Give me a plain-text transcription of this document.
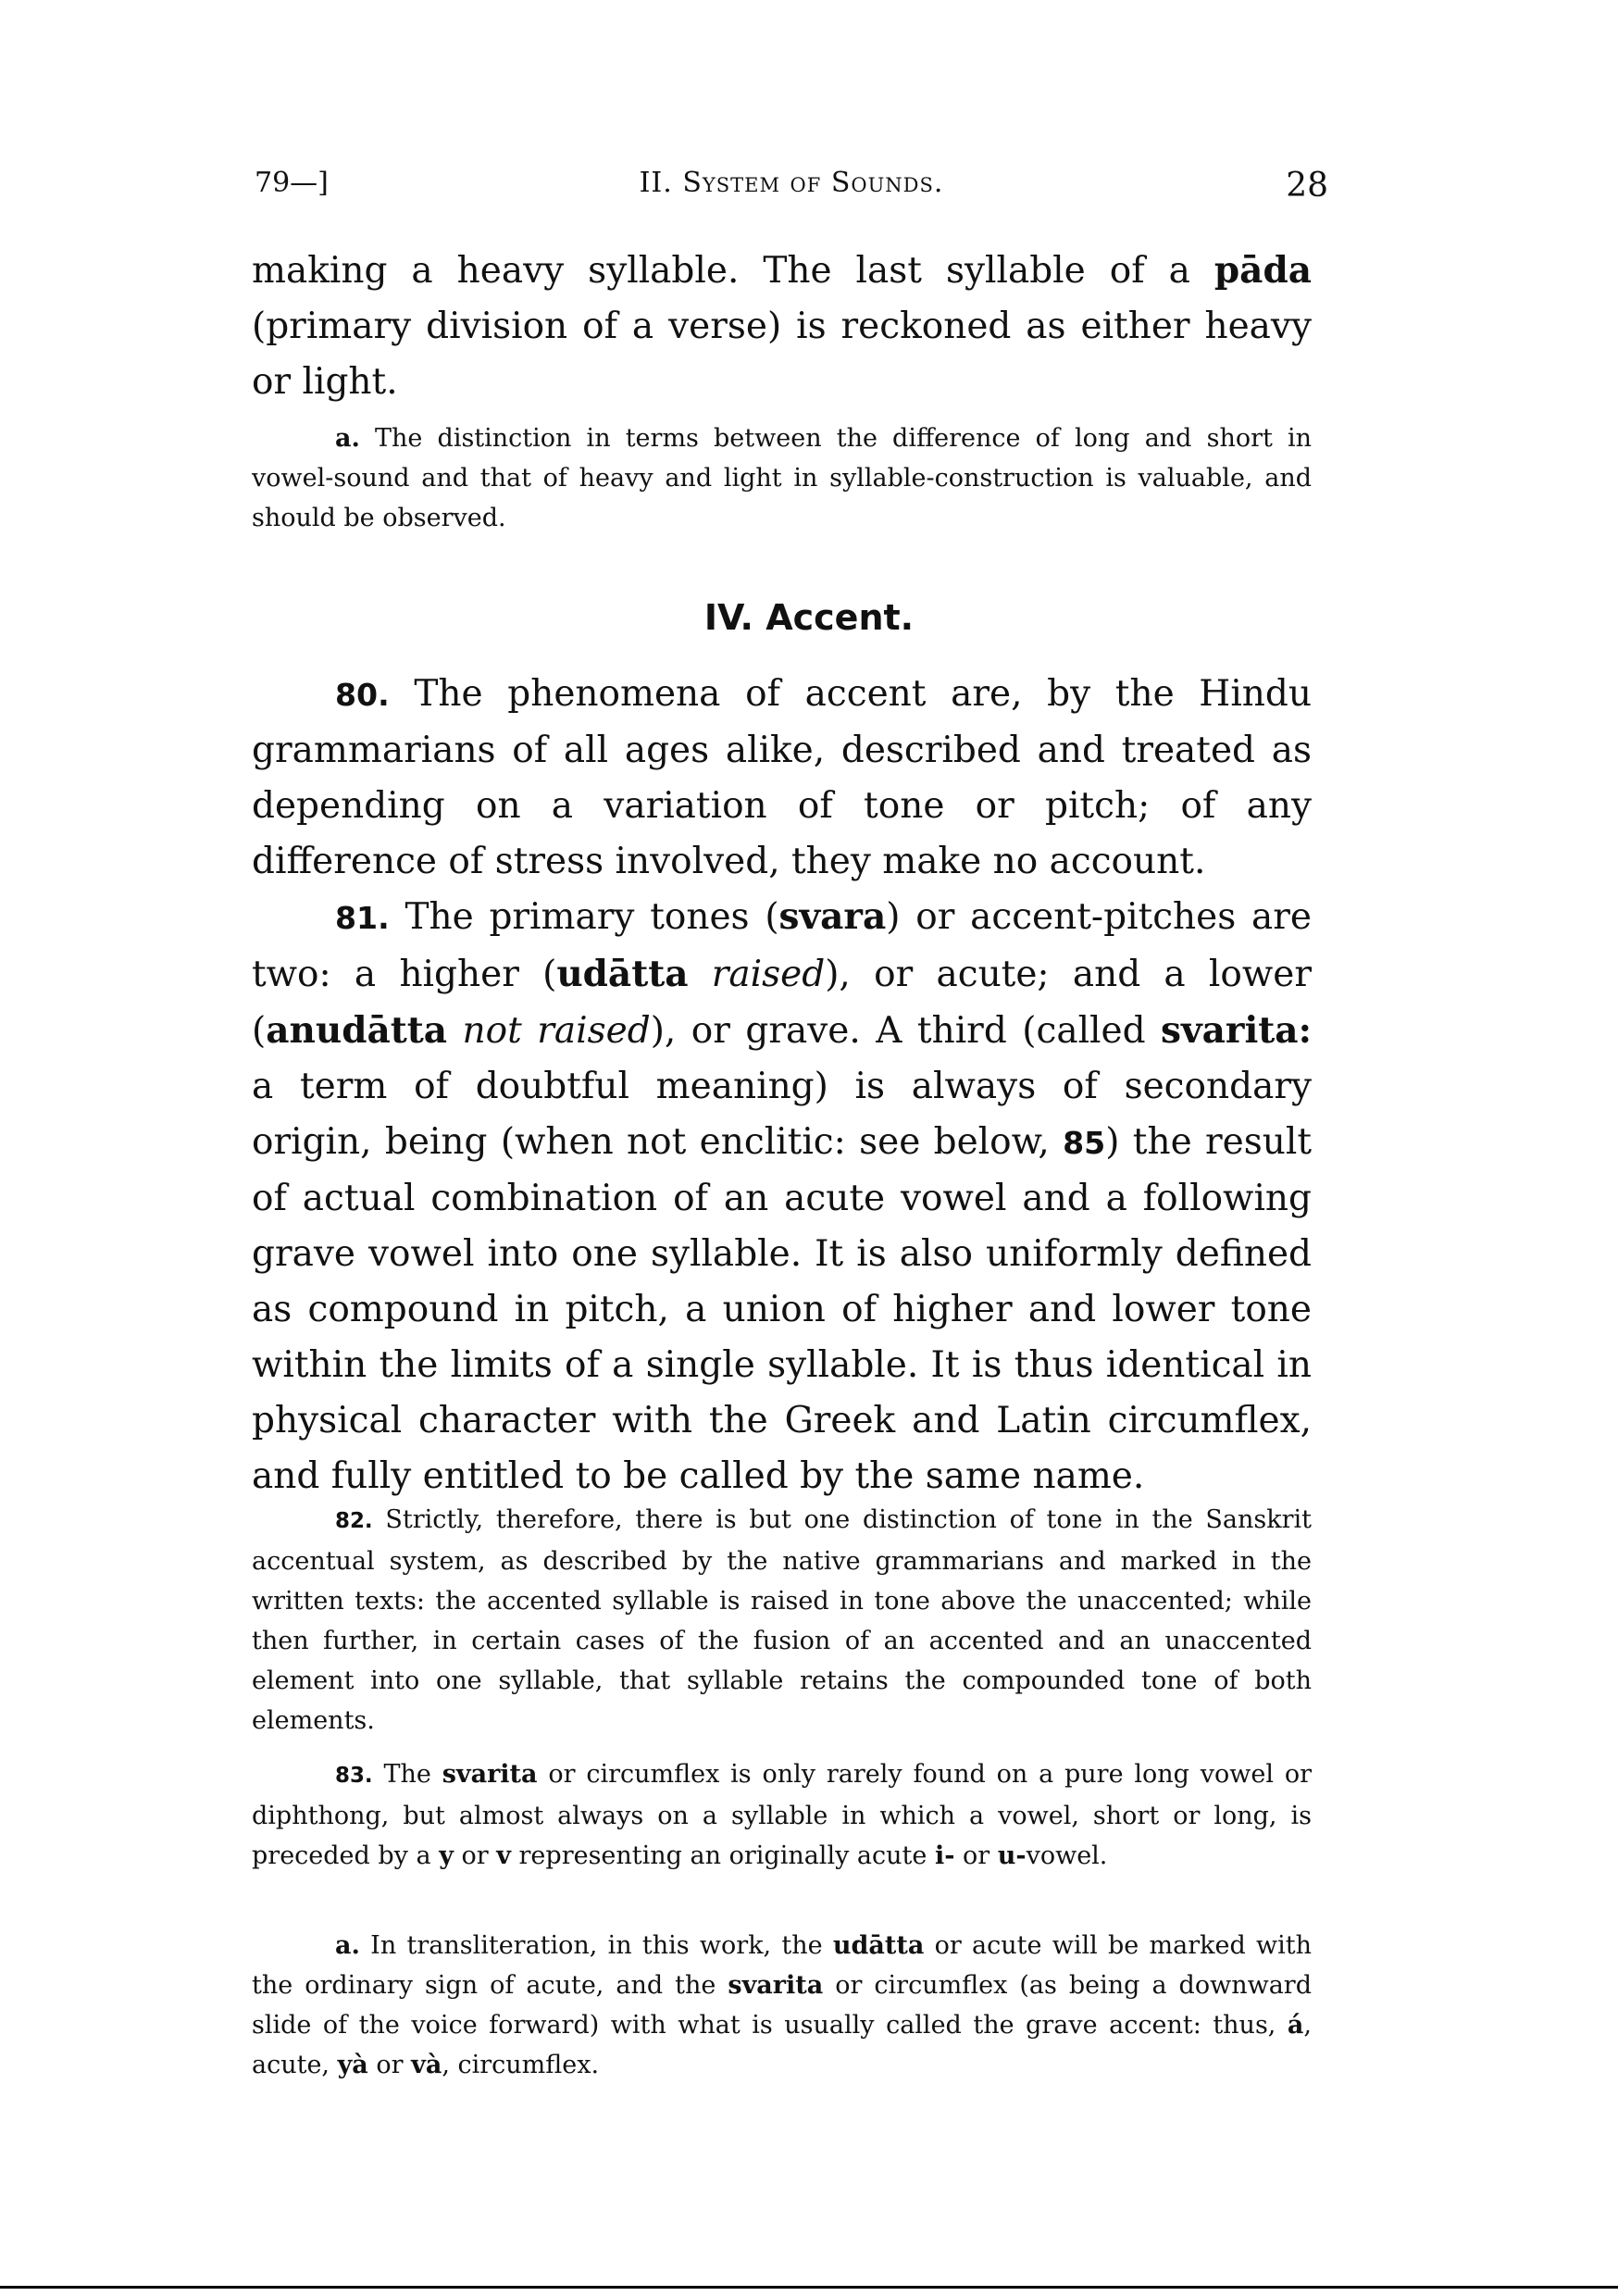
79—]	II. System of Sounds.	28

making a heavy syllable. The last syllable of a pāda (primary division of a verse) is reckoned as either heavy or light.

a. The distinction in terms between the difference of long and short in vowel-sound and that of heavy and light in syllable-construction is valuable, and should be observed.

IV. Accent.

80. The phenomena of accent are, by the Hindu grammarians of all ages alike, described and treated as depending on a variation of tone or pitch; of any difference of stress involved, they make no account.

81. The primary tones (svara) or accent-pitches are two: a higher (udātta raised), or acute; and a lower (anudātta not raised), or grave. A third (called svarita: a term of doubtful meaning) is always of secondary origin, being (when not enclitic: see below, 85) the result of actual combination of an acute vowel and a following grave vowel into one syllable. It is also uniformly defined as compound in pitch, a union of higher and lower tone within the limits of a single syllable. It is thus identical in physical character with the Greek and Latin circumflex, and fully entitled to be called by the same name.

82. Strictly, therefore, there is but one distinction of tone in the Sanskrit accentual system, as described by the native grammarians and marked in the written texts: the accented syllable is raised in tone above the unaccented; while then further, in certain cases of the fusion of an accented and an unaccented element into one syllable, that syllable retains the compounded tone of both elements.

83. The svarita or circumflex is only rarely found on a pure long vowel or diphthong, but almost always on a syllable in which a vowel, short or long, is preceded by a y or v representing an originally acute i- or u-vowel.

a. In transliteration, in this work, the udātta or acute will be marked with the ordinary sign of acute, and the svarita or circumflex (as being a downward slide of the voice forward) with what is usually called the grave accent: thus, á, acute, yà or và, circumflex.
